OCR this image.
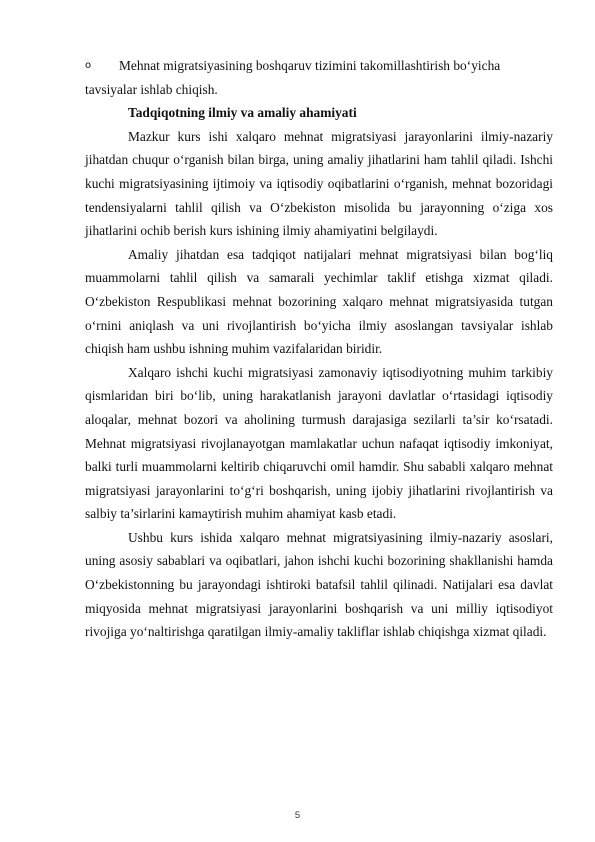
o	Mehnat migratsiyasining boshqaruv tizimini takomillashtirish bo‘yicha

tavsiyalar ishlab chiqish.

Tadqiqotning ilmiy va amaliy ahamiyati

Mazkur kurs ishi xalqaro mehnat migratsiyasi jarayonlarini ilmiy-nazariy jihatdan chuqur o‘rganish bilan birga, uning amaliy jihatlarini ham tahlil qiladi. Ishchi kuchi migratsiyasining ijtimoiy va iqtisodiy oqibatlarini o‘rganish, mehnat bozoridagi tendensiyalarni tahlil qilish va O‘zbekiston misolida bu jarayonning o‘ziga xos jihatlarini ochib berish kurs ishining ilmiy ahamiyatini belgilaydi.

Amaliy jihatdan esa tadqiqot natijalari mehnat migratsiyasi bilan bog‘liq muammolarni tahlil qilish va samarali yechimlar taklif etishga xizmat qiladi. O‘zbekiston Respublikasi mehnat bozorining xalqaro mehnat migratsiyasida tutgan o‘rnini aniqlash va uni rivojlantirish bo‘yicha ilmiy asoslangan tavsiyalar ishlab chiqish ham ushbu ishning muhim vazifalaridan biridir.

Xalqaro ishchi kuchi migratsiyasi zamonaviy iqtisodiyotning muhim tarkibiy qismlaridan biri bo‘lib, uning harakatlanish jarayoni davlatlar o‘rtasidagi iqtisodiy aloqalar, mehnat bozori va aholining turmush darajasiga sezilarli ta’sir ko‘rsatadi. Mehnat migratsiyasi rivojlanayotgan mamlakatlar uchun nafaqat iqtisodiy imkoniyat, balki turli muammolarni keltirib chiqaruvchi omil hamdir. Shu sababli xalqaro mehnat migratsiyasi jarayonlarini to‘g‘ri boshqarish, uning ijobiy jihatlarini rivojlantirish va salbiy ta’sirlarini kamaytirish muhim ahamiyat kasb etadi.

Ushbu kurs ishida xalqaro mehnat migratsiyasining ilmiy-nazariy asoslari, uning asosiy sabablari va oqibatlari, jahon ishchi kuchi bozorining shakllanishi hamda O‘zbekistonning bu jarayondagi ishtiroki batafsil tahlil qilinadi. Natijalari esa davlat miqyosida mehnat migratsiyasi jarayonlarini boshqarish va uni milliy iqtisodiyot rivojiga yo‘naltirishga qaratilgan ilmiy-amaliy takliflar ishlab chiqishga xizmat qiladi.

5
